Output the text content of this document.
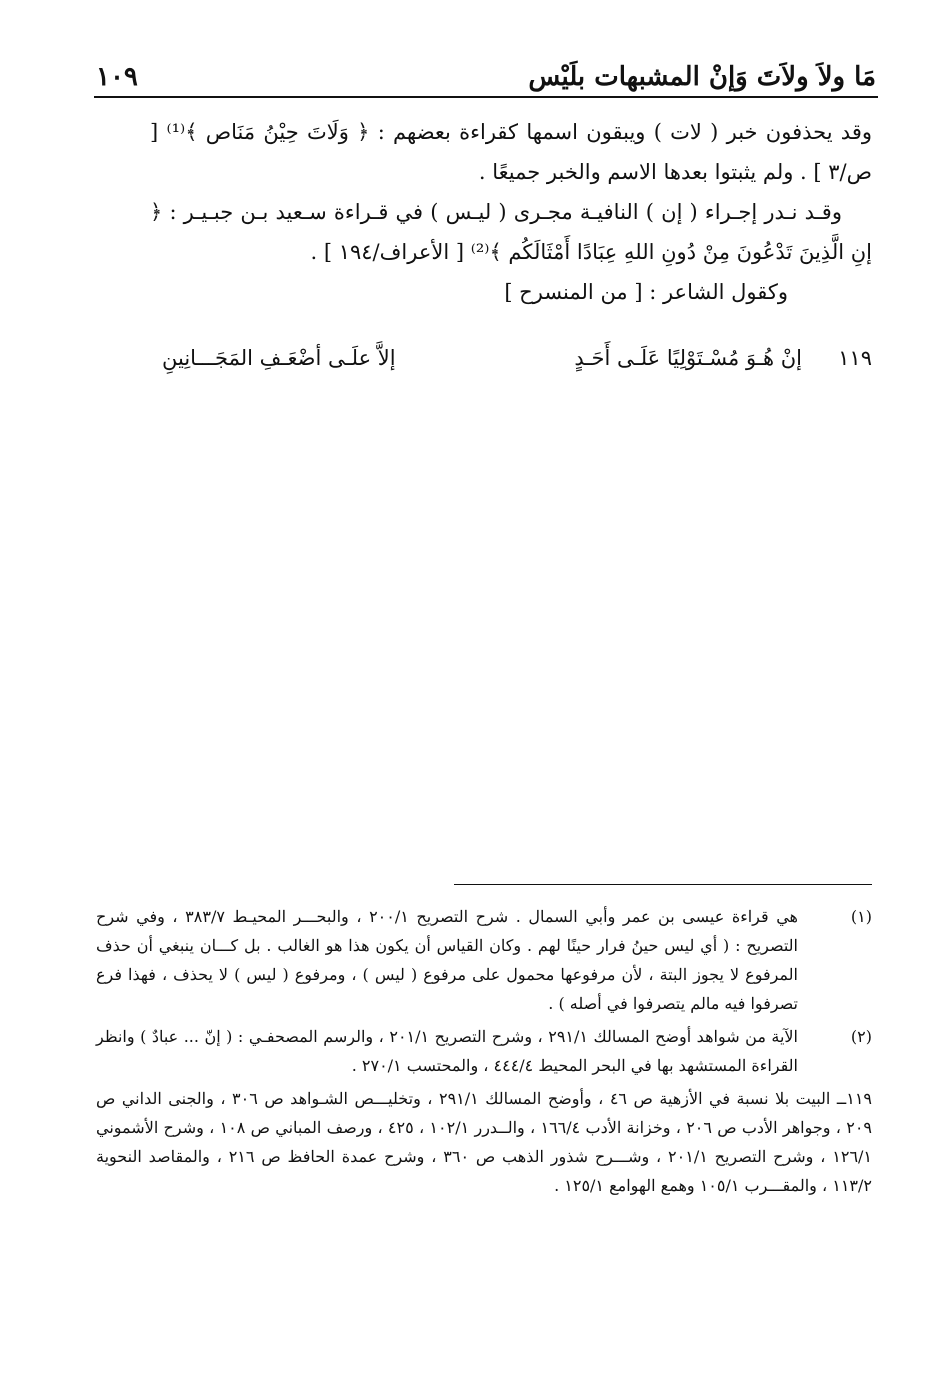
مَا ولاَ ولاَتَ وَإنْ المشبهات بلَيْس
١٠٩

وقد يحذفون خبر ( لات ) ويبقون اسمها كقراءة بعضهم : ﴿ وَلَاتَ حِيْنُ مَنَاص ﴾⁽¹⁾ [ ص/٣ ] . ولم يثبتوا بعدها الاسم والخبر جميعًا .

وقـد نـدر إجـراء ( إن ) النافيـة مجـرى ( ليـس ) في قـراءة سـعيد بـن جبـيـر : ﴿ إنِ الَّذِينَ تَدْعُونَ مِنْ دُونِ اللهِ عِبَادًا أَمْثَالَكُم ﴾⁽²⁾ [ الأعراف/١٩٤ ] .

وكقول الشاعر : [ من المنسرح ]

١١٩
إنْ هُـوَ مُسْـتَوْلِيًا عَلَـى أَحَـدٍ
إلاَّ علَـى أضْعَـفِ المَجَـــانِينِ

(١)
هي قراءة عيسى بن عمر وأبي السمال . شرح التصريح ٢٠٠/١ ، والبحـــر المحيـط ٣٨٣/٧ ، وفي شرح التصريح : ( أي ليس حينُ فرار حينًا لهم . وكان القياس أن يكون هذا هو الغالب . بل كـــان ينبغي أن حذف المرفوع لا يجوز البتة ، لأن مرفوعها محمول على مرفوع ( ليس ) ، ومرفوع ( ليس ) لا يحذف ، فهذا فرع تصرفوا فيه مالم يتصرفوا في أصله ) .

(٢)
الآية من شواهد أوضح المسالك ٢٩١/١ ، وشرح التصريح ٢٠١/١ ، والرسم المصحفـي : ( إنّ ... عبادٌ ) وانظر القراءة المستشهد بها في البحر المحيط ٤٤٤/٤ ، والمحتسب ٢٧٠/١ .

١١٩ــ البيت بلا نسبة في الأزهية ص ٤٦ ، وأوضح المسالك ٢٩١/١ ، وتخليـــص الشـواهد ص ٣٠٦ ، والجنى الداني ص ٢٠٩ ، وجواهر الأدب ص ٢٠٦ ، وخزانة الأدب ١٦٦/٤ ، والــدرر ١٠٢/١ ، ٤٢٥ ، ورصف المباني ص ١٠٨ ، وشرح الأشموني ١٢٦/١ ، وشرح التصريح ٢٠١/١ ، وشـــرح شذور الذهب ص ٣٦٠ ، وشرح عمدة الحافظ ص ٢١٦ ، والمقاصد النحوية ١١٣/٢ ، والمقـــرب ١٠٥/١ وهمع الهوامع ١٢٥/١ .
